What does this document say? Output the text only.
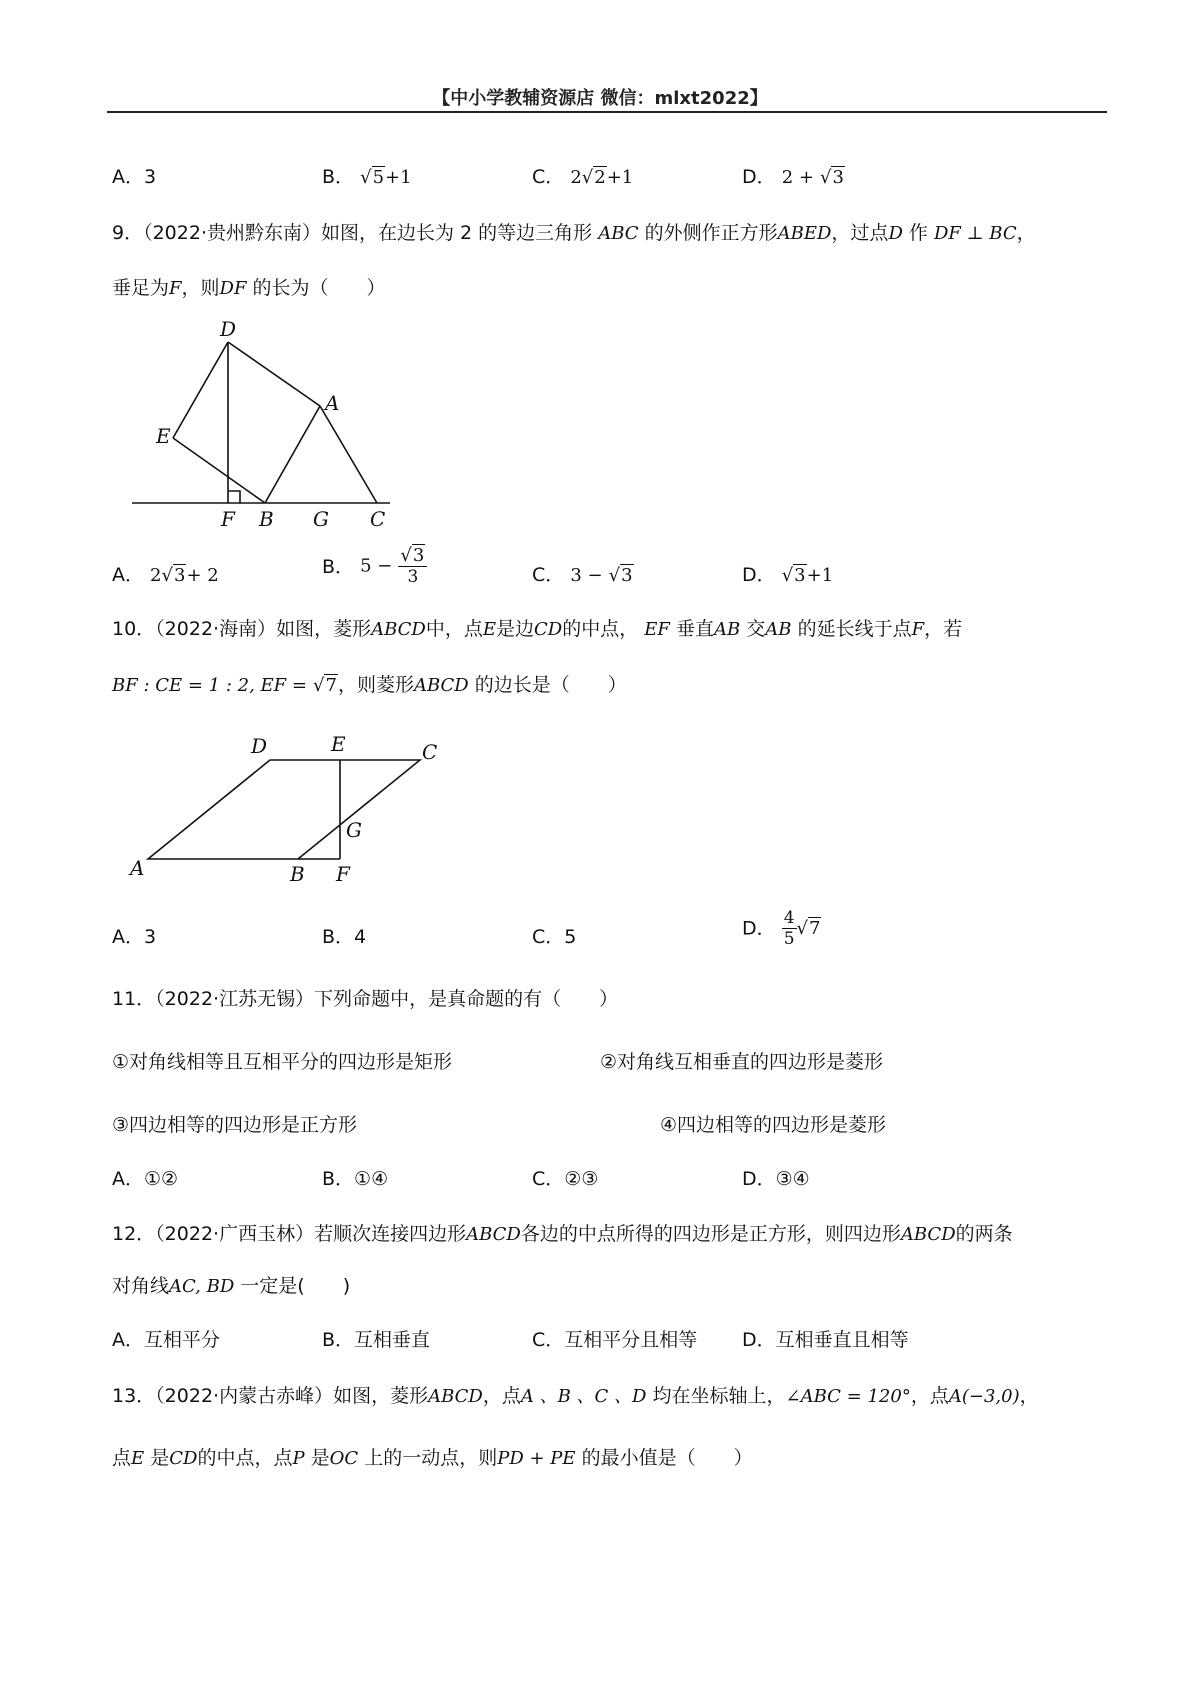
【中小学教辅资源店 微信：mlxt2022】
A．3	B． √5+1	C． 2√2+1	D． 2 + √3
9．（2022·贵州黔东南）如图，在边长为 2 的等边三角形 ABC 的外侧作正方形ABED，过点D 作 DF ⊥ BC，
垂足为F，则DF 的长为（　　）
D
A
E
F B G C
A． 2√3+ 2	B． $5 - \frac{√3}{3}$	C． 3 − √3	D． √3+1
10．（2022·海南）如图，菱形ABCD中，点E是边CD的中点， EF 垂直AB 交AB 的延长线于点F，若
BF : CE = 1 : 2, EF = √7，则菱形ABCD 的边长是（　　）
D	E	C
G
A	B F
A．3	B．4	C．5	D． $\frac{4}{5} √7$
11．（2022·江苏无锡）下列命题中，是真命题的有（　　）
①对角线相等且互相平分的四边形是矩形	②对角线互相垂直的四边形是菱形
③四边相等的四边形是正方形	④四边相等的四边形是菱形
A．①②	B．①④	C．②③	D．③④
12．（2022·广西玉林）若顺次连接四边形ABCD各边的中点所得的四边形是正方形，则四边形ABCD的两条
对角线AC, BD 一定是(　　)
A．互相平分	B．互相垂直	C．互相平分且相等 D．互相垂直且相等
13．（2022·内蒙古赤峰）如图，菱形ABCD，点A 、B 、C 、D 均在坐标轴上，∠ABC = 120°，点A(−3,0)，
点E 是CD的中点，点P 是OC 上的一动点，则PD + PE 的最小值是（　　）
